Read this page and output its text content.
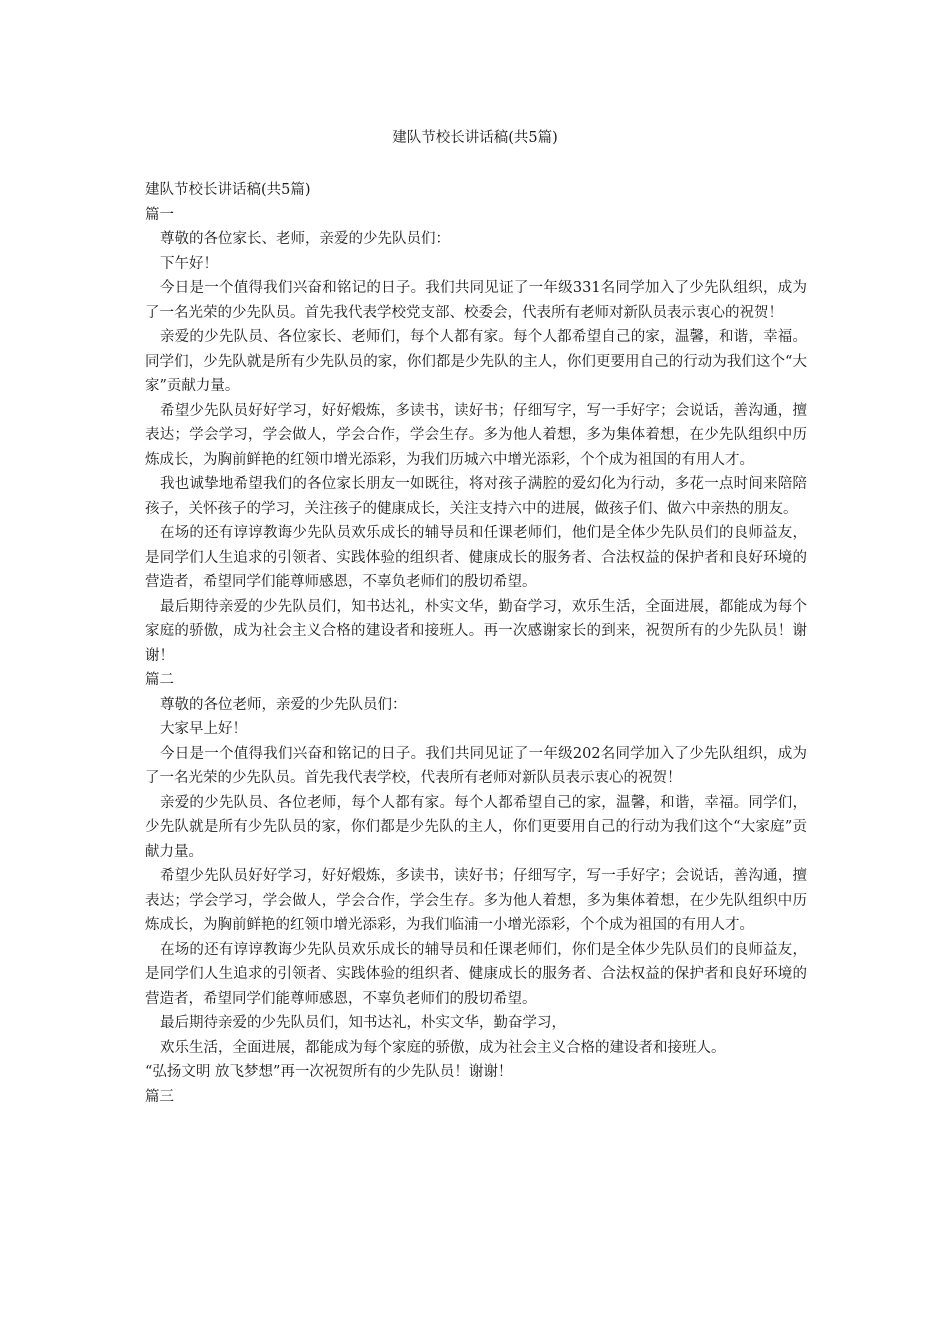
建队节校长讲话稿(共5篇)

建队节校长讲话稿(共5篇)

篇一

尊敬的各位家长、老师，亲爱的少先队员们：

下午好！

今日是一个值得我们兴奋和铭记的日子。我们共同见证了一年级331名同学加入了少先队组织，成为了一名光荣的少先队员。首先我代表学校党支部、校委会，代表所有老师对新队员表示衷心的祝贺！

亲爱的少先队员、各位家长、老师们，每个人都有家。每个人都希望自己的家，温馨，和谐，幸福。同学们，少先队就是所有少先队员的家，你们都是少先队的主人，你们更要用自己的行动为我们这个“大家”贡献力量。

希望少先队员好好学习，好好煅炼，多读书，读好书；仔细写字，写一手好字；会说话，善沟通，擅表达；学会学习，学会做人，学会合作，学会生存。多为他人着想，多为集体着想，在少先队组织中历炼成长，为胸前鲜艳的红领巾增光添彩，为我们历城六中增光添彩，个个成为祖国的有用人才。

我也诚挚地希望我们的各位家长朋友一如既往，将对孩子满腔的爱幻化为行动，多花一点时间来陪陪孩子，关怀孩子的学习，关注孩子的健康成长，关注支持六中的进展，做孩子们、做六中亲热的朋友。

在场的还有谆谆教诲少先队员欢乐成长的辅导员和任课老师们，他们是全体少先队员们的良师益友，是同学们人生追求的引领者、实践体验的组织者、健康成长的服务者、合法权益的保护者和良好环境的营造者，希望同学们能尊师感恩，不辜负老师们的殷切希望。

最后期待亲爱的少先队员们，知书达礼，朴实文华，勤奋学习，欢乐生活，全面进展，都能成为每个家庭的骄傲，成为社会主义合格的建设者和接班人。再一次感谢家长的到来，祝贺所有的少先队员！谢谢！

篇二

尊敬的各位老师，亲爱的少先队员们：

大家早上好！

今日是一个值得我们兴奋和铭记的日子。我们共同见证了一年级202名同学加入了少先队组织，成为了一名光荣的少先队员。首先我代表学校，代表所有老师对新队员表示衷心的祝贺！

亲爱的少先队员、各位老师，每个人都有家。每个人都希望自己的家，温馨，和谐，幸福。同学们，少先队就是所有少先队员的家，你们都是少先队的主人，你们更要用自己的行动为我们这个“大家庭”贡献力量。

希望少先队员好好学习，好好煅炼，多读书，读好书；仔细写字，写一手好字；会说话，善沟通，擅表达；学会学习，学会做人，学会合作，学会生存。多为他人着想，多为集体着想，在少先队组织中历炼成长，为胸前鲜艳的红领巾增光添彩，为我们临浦一小增光添彩，个个成为祖国的有用人才。

在场的还有谆谆教诲少先队员欢乐成长的辅导员和任课老师们，你们是全体少先队员们的良师益友，是同学们人生追求的引领者、实践体验的组织者、健康成长的服务者、合法权益的保护者和良好环境的营造者，希望同学们能尊师感恩，不辜负老师们的殷切希望。

最后期待亲爱的少先队员们，知书达礼，朴实文华，勤奋学习，

欢乐生活，全面进展，都能成为每个家庭的骄傲，成为社会主义合格的建设者和接班人。

“弘扬文明 放飞梦想”再一次祝贺所有的少先队员！谢谢！

篇三
